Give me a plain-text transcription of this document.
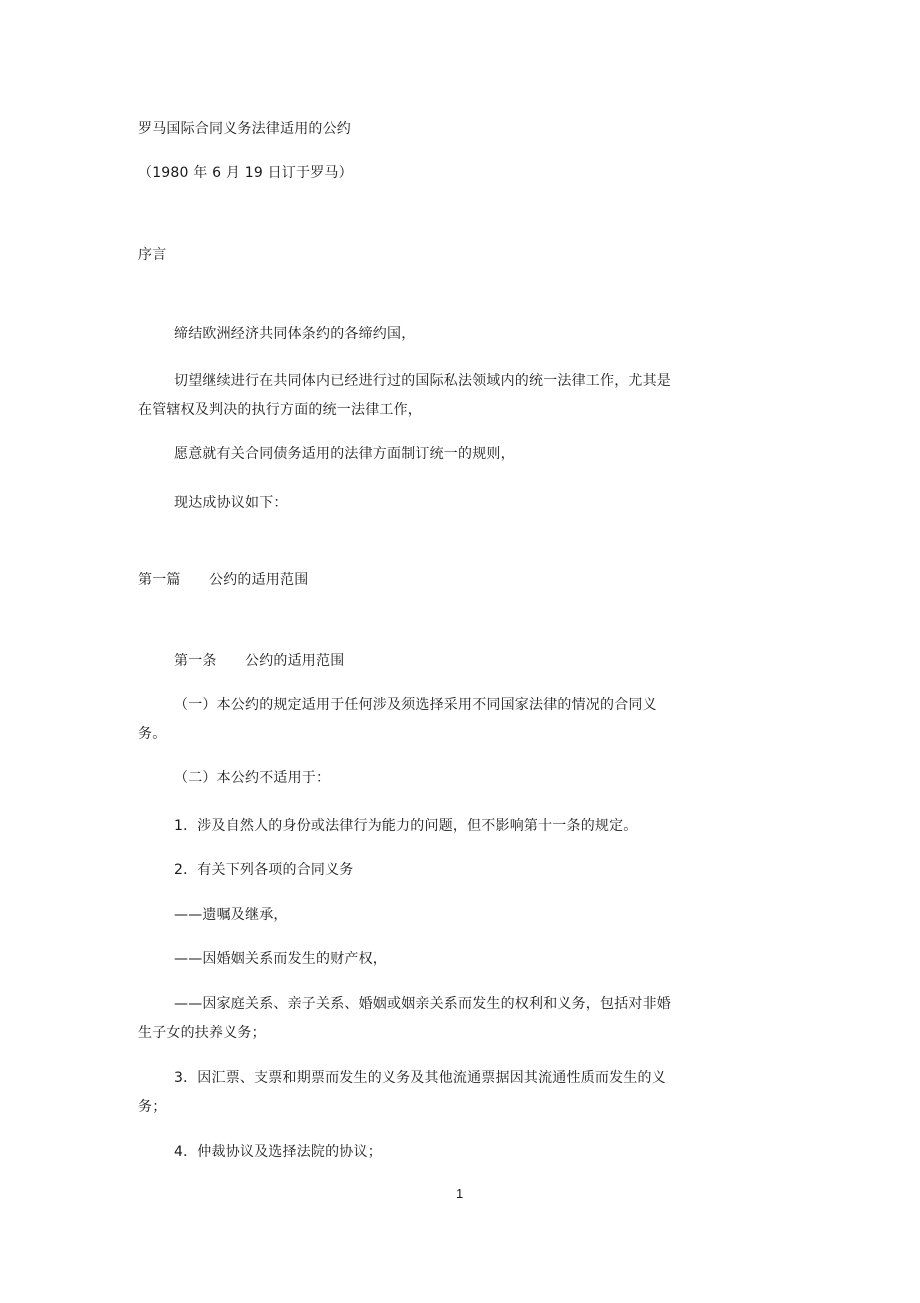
罗马国际合同义务法律适用的公约
（1980 年 6 月 19 日订于罗马）
序言
缔结欧洲经济共同体条约的各缔约国，
切望继续进行在共同体内已经进行过的国际私法领域内的统一法律工作，尤其是
在管辖权及判决的执行方面的统一法律工作，
愿意就有关合同债务适用的法律方面制订统一的规则，
现达成协议如下：
第一篇　　公约的适用范围
第一条　　公约的适用范围
（一）本公约的规定适用于任何涉及须选择采用不同国家法律的情况的合同义
务。
（二）本公约不适用于：
1．涉及自然人的身份或法律行为能力的问题，但不影响第十一条的规定。
2．有关下列各项的合同义务
——遗嘱及继承，
——因婚姻关系而发生的财产权，
——因家庭关系、亲子关系、婚姻或姻亲关系而发生的权利和义务，包括对非婚
生子女的扶养义务；
3．因汇票、支票和期票而发生的义务及其他流通票据因其流通性质而发生的义
务；
4．仲裁协议及选择法院的协议；
1
